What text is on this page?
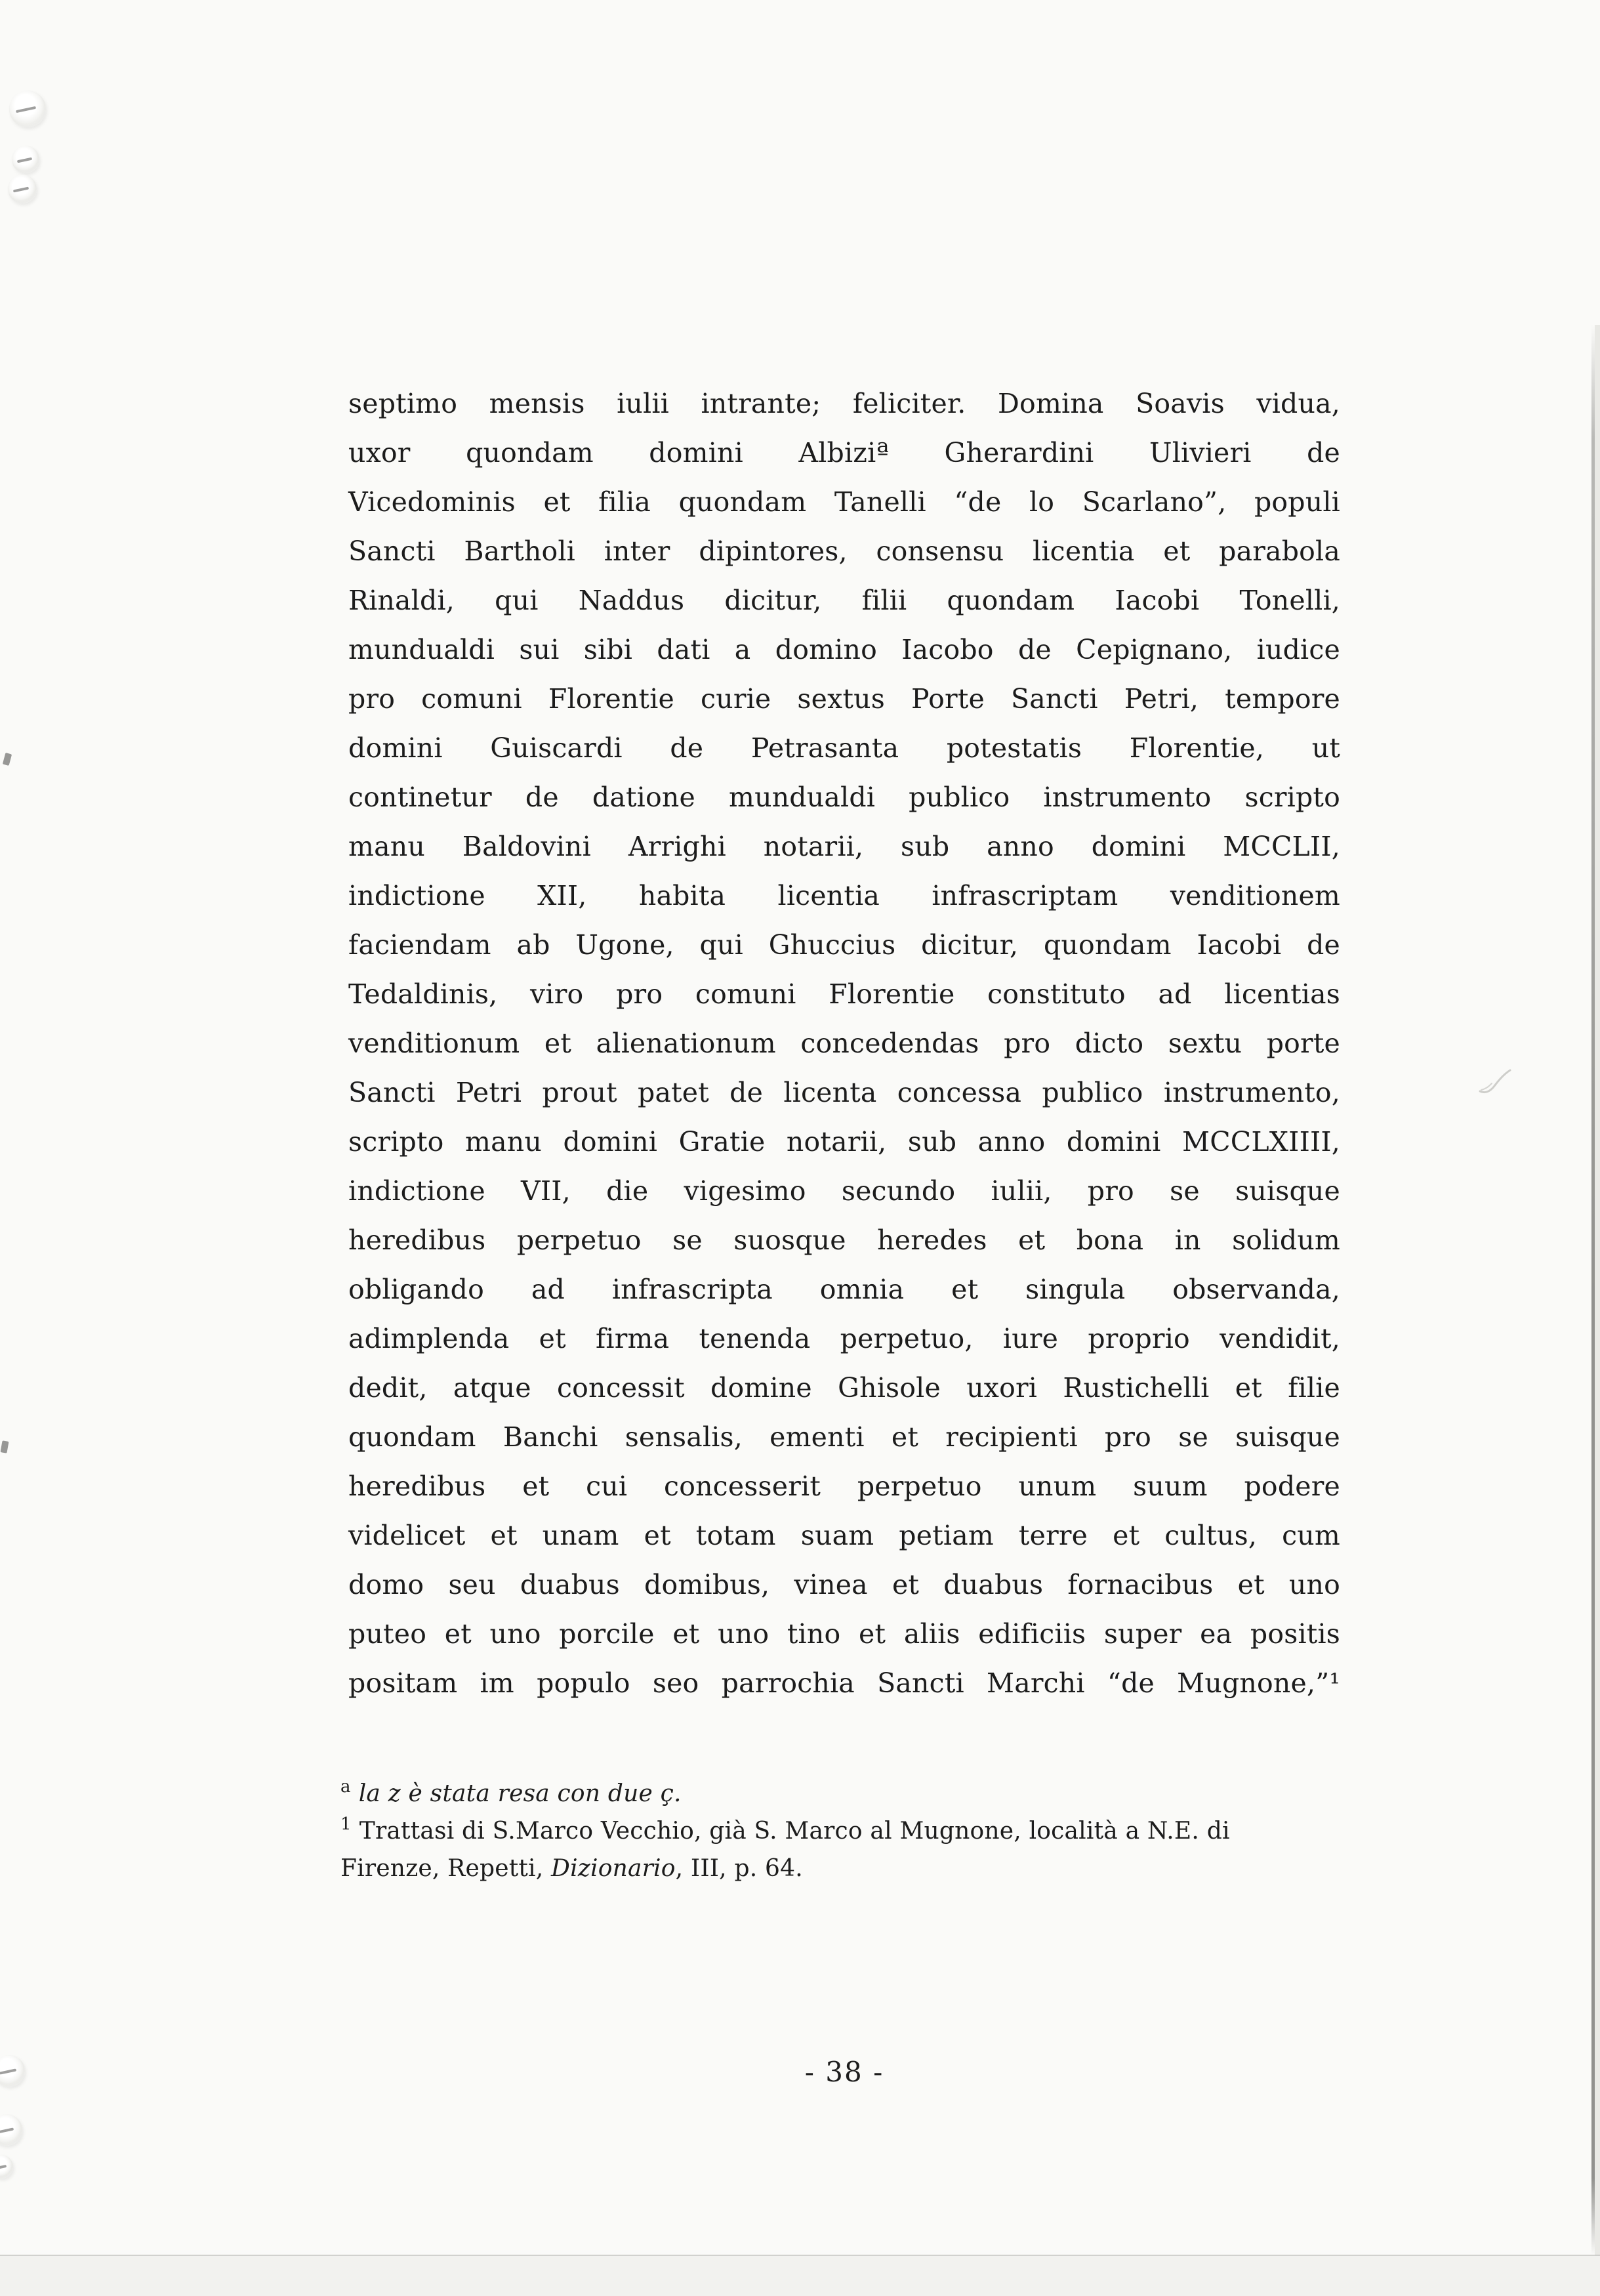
septimo mensis iulii intrante; feliciter. Domina Soavis vidua,
uxor quondam domini Albiziª Gherardini Ulivieri de
Vicedominis et filia quondam Tanelli “de lo Scarlano”, populi
Sancti Bartholi inter dipintores, consensu licentia et parabola
Rinaldi, qui Naddus dicitur, filii quondam Iacobi Tonelli,
mundualdi sui sibi dati a domino Iacobo de Cepignano, iudice
pro comuni Florentie curie sextus Porte Sancti Petri, tempore
domini Guiscardi de Petrasanta potestatis Florentie, ut
continetur de datione mundualdi publico instrumento scripto
manu Baldovini Arrighi notarii, sub anno domini MCCLII,
indictione XII, habita licentia infrascriptam venditionem
faciendam ab Ugone, qui Ghuccius dicitur, quondam Iacobi de
Tedaldinis, viro pro comuni Florentie constituto ad licentias
venditionum et alienationum concedendas pro dicto sextu porte
Sancti Petri prout patet de licenta concessa publico instrumento,
scripto manu domini Gratie notarii, sub anno domini MCCLXIIII,
indictione VII, die vigesimo secundo iulii, pro se suisque
heredibus perpetuo se suosque heredes et bona in solidum
obligando ad infrascripta omnia et singula observanda,
adimplenda et firma tenenda perpetuo, iure proprio vendidit,
dedit, atque concessit domine Ghisole uxori Rustichelli et filie
quondam Banchi sensalis, ementi et recipienti pro se suisque
heredibus et cui concesserit perpetuo unum suum podere
videlicet et unam et totam suam petiam terre et cultus, cum
domo seu duabus domibus, vinea et duabus fornacibus et uno
puteo et uno porcile et uno tino et aliis edificiis super ea positis
positam im populo seo parrochia Sancti Marchi “de Mugnone,”¹
$^a$ la z è stata resa con due ç.
$^1$ Trattasi di S.Marco Vecchio, già S. Marco al Mugnone, località a N.E. di
Firenze, Repetti, Dizionario, III, p. 64.
- 38 -
